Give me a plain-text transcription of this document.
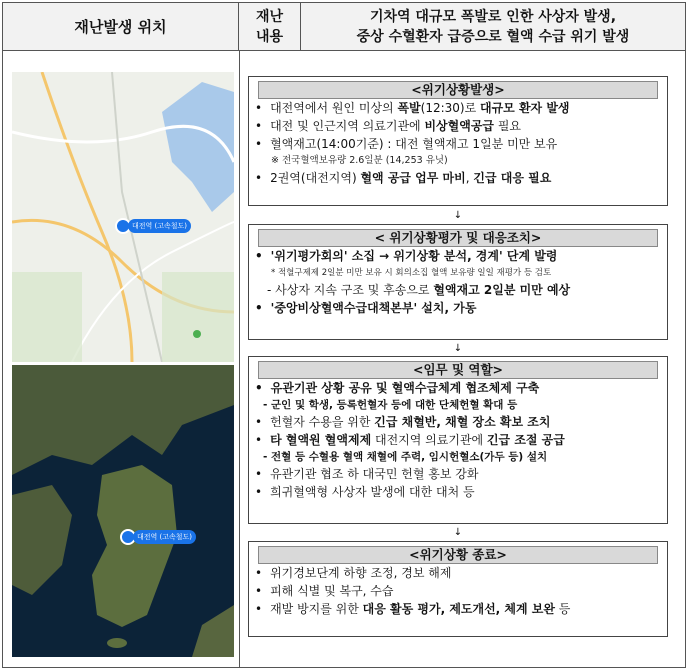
재난발생 위치
재난
내용
기차역 대규모 폭발로 인한 사상자 발생,
중상 수혈환자 급증으로 혈액 수급 위기 발생
대전역 (고속철도)
대전역 (고속철도)
<위기상황발생>
• 대전역에서 원인 미상의 폭발(12:30)로 대규모 환자 발생
• 대전 및 인근지역 의료기관에 비상혈액공급 필요
• 혈액재고(14:00기준) : 대전 혈액재고 1일분 미만 보유
※ 전국혈액보유량 2.6일분 (14,253 유닛)
• 2권역(대전지역) 혈액 공급 업무 마비, 긴급 대응 필요
↓
< 위기상황평가 및 대응조치>
• '위기평가회의' 소집 → 위기상황 분석, 경계' 단계 발령
* 적혈구제제 2일분 미만 보유 시 회의소집 혈액 보유량 일일 재평가 등 검토
- 사상자 지속 구조 및 후송으로 혈액재고 2일분 미만 예상
• '중앙비상혈액수급대책본부' 설치, 가동
↓
<임무 및 역할>
• 유관기관 상황 공유 및 혈액수급체계 협조체제 구축
- 군인 및 학생, 등록헌혈자 등에 대한 단체헌혈 확대 등
• 헌혈자 수용을 위한 긴급 채혈반, 채혈 장소 확보 조치
• 타 혈액원 혈액제제 대전지역 의료기관에 긴급 조절 공급
- 전혈 등 수혈용 혈액 채혈에 주력, 임시헌혈소(가두 등) 설치
• 유관기관 협조 하 대국민 헌혈 홍보 강화
• 희귀혈액형 사상자 발생에 대한 대처 등
↓
<위기상황 종료>
• 위기경보단계 하향 조정, 경보 해제
• 피해 식별 및 복구, 수습
• 재발 방지를 위한 대응 활동 평가, 제도개선, 체계 보완 등
